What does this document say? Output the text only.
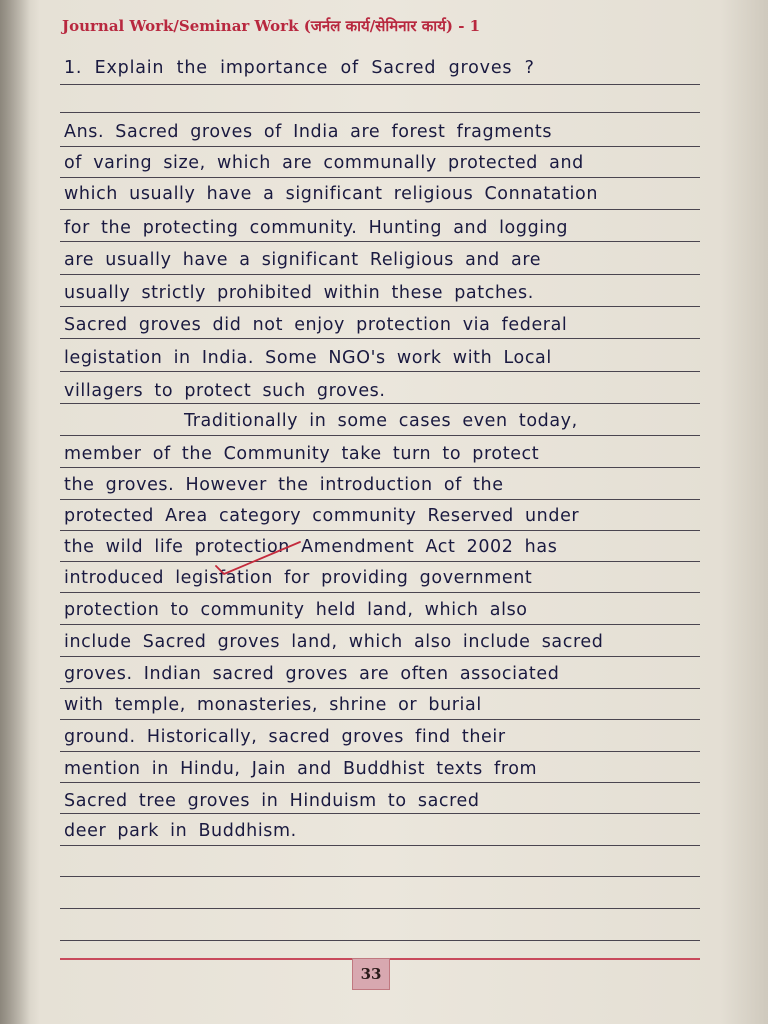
Journal Work/Seminar Work (जर्नल कार्य/सेमिनार कार्य) - 1
1. Explain the importance of Sacred groves ?
Ans. Sacred groves of India are forest fragments
of varing size, which are communally protected and
which usually have a significant religious Connatation
for the protecting community. Hunting and logging
are usually have a significant Religious and are
usually strictly prohibited within these patches.
Sacred groves did not enjoy protection via federal
legistation in India. Some NGO's work with Local
villagers to protect such groves.
Traditionally in some cases even today,
member of the Community take turn to protect
the groves. However the introduction of the
protected Area category community Reserved under
the wild life protection Amendment Act 2002 has
introduced legisfation for providing government
protection to community held land, which also
include Sacred groves land, which also include sacred
groves. Indian sacred groves are often associated
with temple, monasteries, shrine or burial
ground. Historically, sacred groves find their
mention in Hindu, Jain and Buddhist texts from
Sacred tree groves in Hinduism to sacred
deer park in Buddhism.
33
